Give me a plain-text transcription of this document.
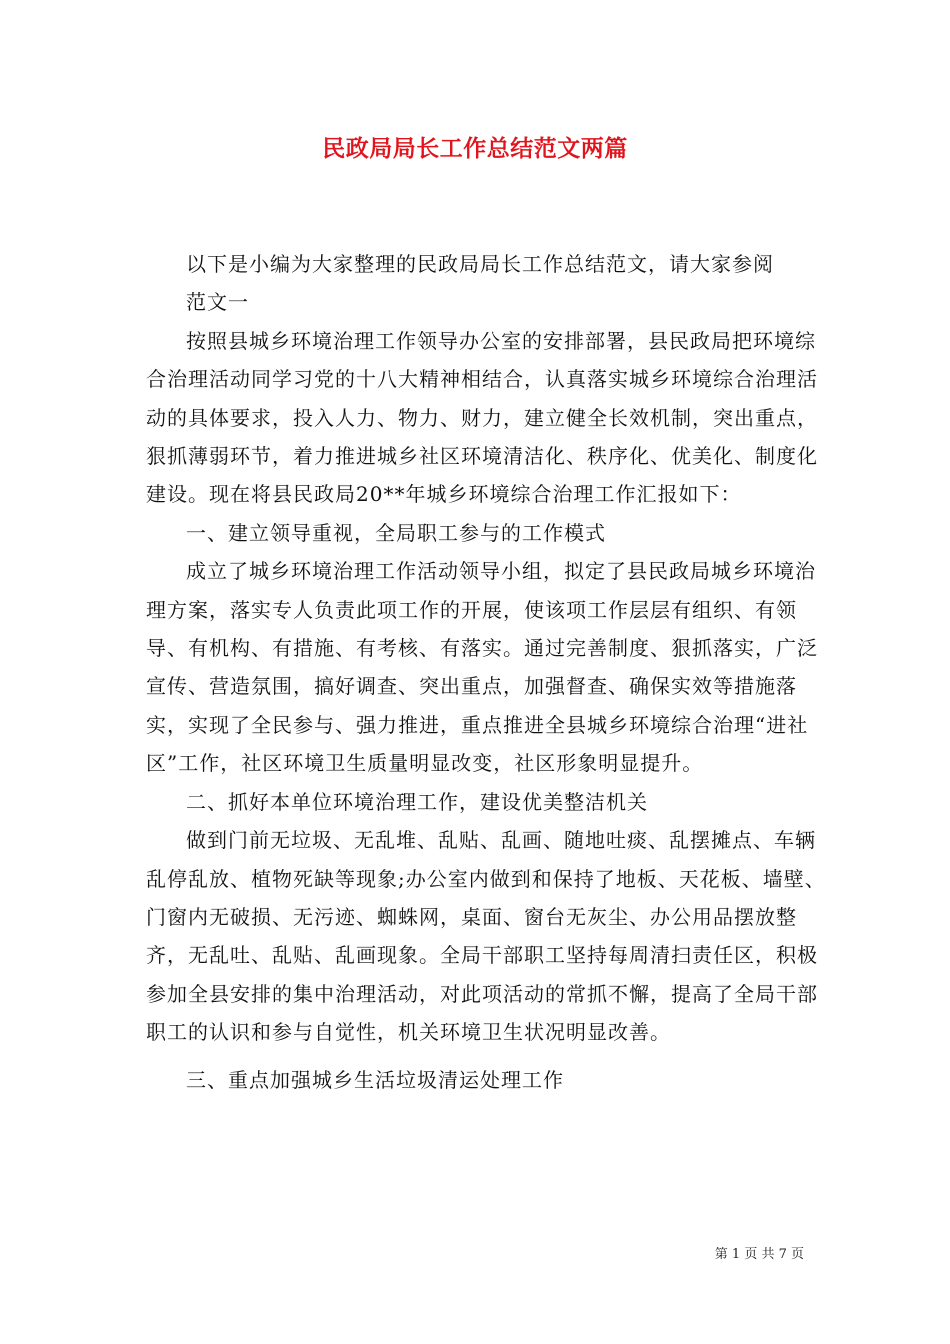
民政局局长工作总结范文两篇

以下是小编为大家整理的民政局局长工作总结范文，请大家参阅

范文一

按照县城乡环境治理工作领导办公室的安排部署，县民政局把环境综合治理活动同学习党的十八大精神相结合，认真落实城乡环境综合治理活动的具体要求，投入人力、物力、财力，建立健全长效机制，突出重点，狠抓薄弱环节，着力推进城乡社区环境清洁化、秩序化、优美化、制度化建设。现在将县民政局20**年城乡环境综合治理工作汇报如下：

一、建立领导重视，全局职工参与的工作模式

成立了城乡环境治理工作活动领导小组，拟定了县民政局城乡环境治理方案，落实专人负责此项工作的开展，使该项工作层层有组织、有领导、有机构、有措施、有考核、有落实。通过完善制度、狠抓落实，广泛宣传、营造氛围，搞好调查、突出重点，加强督查、确保实效等措施落实，实现了全民参与、强力推进，重点推进全县城乡环境综合治理“进社区”工作，社区环境卫生质量明显改变，社区形象明显提升。

二、抓好本单位环境治理工作，建设优美整洁机关

做到门前无垃圾、无乱堆、乱贴、乱画、随地吐痰、乱摆摊点、车辆乱停乱放、植物死缺等现象;办公室内做到和保持了地板、天花板、墙壁、门窗内无破损、无污迹、蜘蛛网，桌面、窗台无灰尘、办公用品摆放整齐，无乱吐、乱贴、乱画现象。全局干部职工坚持每周清扫责任区，积极参加全县安排的集中治理活动，对此项活动的常抓不懈，提高了全局干部职工的认识和参与自觉性，机关环境卫生状况明显改善。

三、重点加强城乡生活垃圾清运处理工作

第 1 页 共 7 页
